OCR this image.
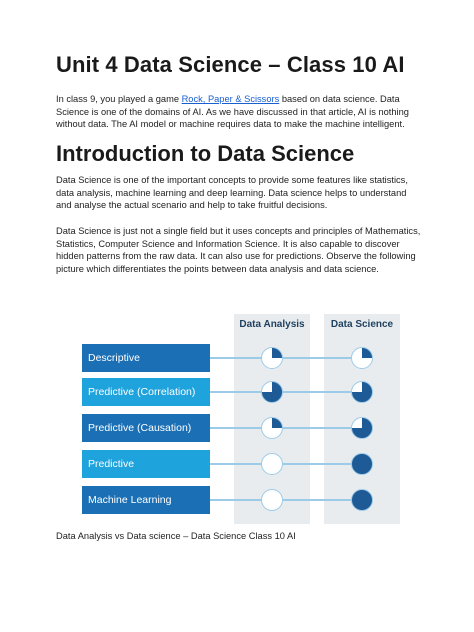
Unit 4 Data Science – Class 10 AI

In class 9, you played a game Rock, Paper & Scissors based on data science. Data Science is one of the domains of AI. As we have discussed in that article, AI is nothing without data. The AI model or machine requires data to make the machine intelligent.

Introduction to Data Science

Data Science is one of the important concepts to provide some features like statistics, data analysis, machine learning and deep learning. Data science helps to understand and analyse the actual scenario and help to take fruitful decisions.

Data Science is just not a single field but it uses concepts and principles of Mathematics, Statistics, Computer Science and Information Science. It is also capable to discover hidden patterns from the raw data. It can also use for predictions. Observe the following picture which differentiates the points between data analysis and data science.

Data Analysis	Data Science
Descriptive
Predictive (Correlation)
Predictive (Causation)
Predictive
Machine Learning

Data Analysis vs Data science – Data Science Class 10 AI
